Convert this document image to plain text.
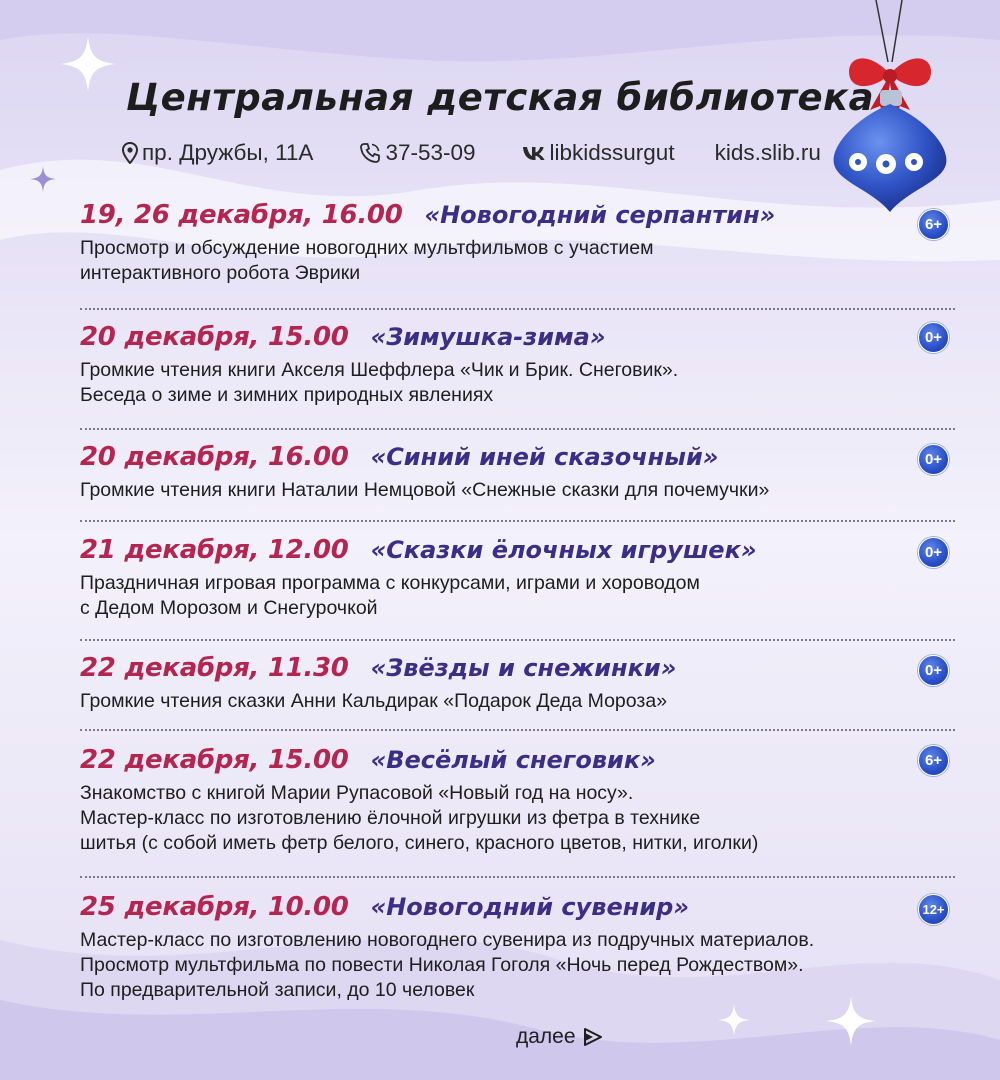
Центральная детская библиотека
пр. Дружбы, 11А	37-53-09	libkidssurgut kids.slib.ru
19, 26 декабря, 16.00 «Новогодний серпантин»
Просмотр и обсуждение новогодних мультфильмов с участием
интерактивного робота Эврики
6+
20 декабря, 15.00 «Зимушка-зима»
Громкие чтения книги Акселя Шеффлера «Чик и Брик. Снеговик».
Беседа о зиме и зимних природных явлениях
0+
20 декабря, 16.00 «Синий иней сказочный»
Громкие чтения книги Наталии Немцовой «Снежные сказки для почемучки»
0+
21 декабря, 12.00 «Сказки ёлочных игрушек»
Праздничная игровая программа с конкурсами, играми и хороводом
с Дедом Морозом и Снегурочкой
0+
22 декабря, 11.30 «Звёзды и снежинки»
Громкие чтения сказки Анни Кальдирак «Подарок Деда Мороза»
0+
22 декабря, 15.00 «Весёлый снеговик»
Знакомство с книгой Марии Рупасовой «Новый год на носу».
Мастер-класс по изготовлению ёлочной игрушки из фетра в технике
шитья (с собой иметь фетр белого, синего, красного цветов, нитки, иголки)
6+
25 декабря, 10.00 «Новогодний сувенир»
Мастер-класс по изготовлению новогоднего сувенира из подручных материалов.
Просмотр мультфильма по повести Николая Гоголя «Ночь перед Рождеством».
По предварительной записи, до 10 человек
12+
далее
